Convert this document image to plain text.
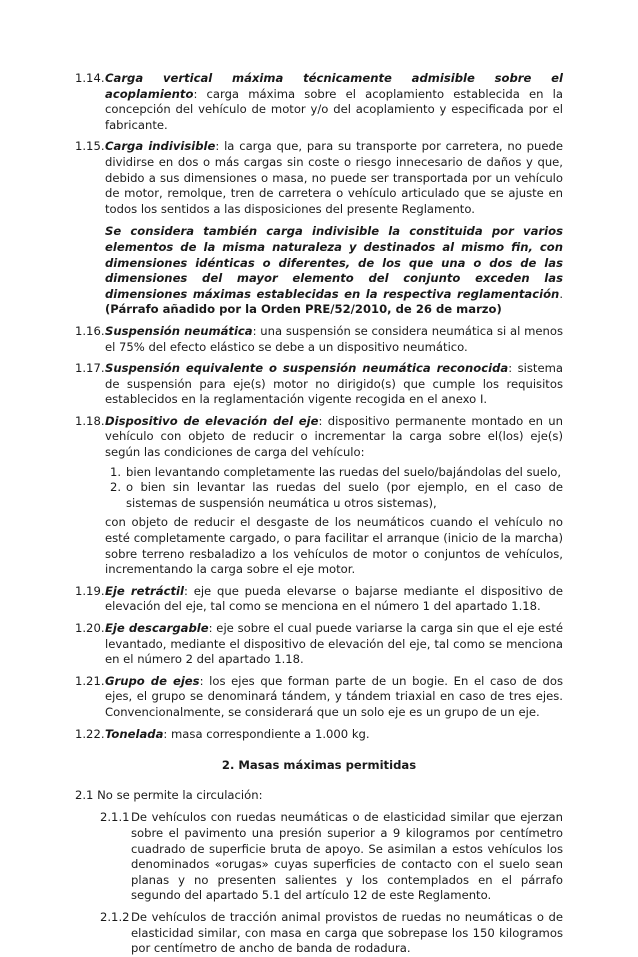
1.14. Carga vertical máxima técnicamente admisible sobre el acoplamiento: carga máxima sobre el acoplamiento establecida en la concepción del vehículo de motor y/o del acoplamiento y especificada por el fabricante.

1.15. Carga indivisible: la carga que, para su transporte por carretera, no puede dividirse en dos o más cargas sin coste o riesgo innecesario de daños y que, debido a sus dimensiones o masa, no puede ser transportada por un vehículo de motor, remolque, tren de carretera o vehículo articulado que se ajuste en todos los sentidos a las disposiciones del presente Reglamento.

Se considera también carga indivisible la constituida por varios elementos de la misma naturaleza y destinados al mismo fin, con dimensiones idénticas o diferentes, de los que una o dos de las dimensiones del mayor elemento del conjunto exceden las dimensiones máximas establecidas en la respectiva reglamentación. (Párrafo añadido por la Orden PRE/52/2010, de 26 de marzo)

1.16. Suspensión neumática: una suspensión se considera neumática si al menos el 75% del efecto elástico se debe a un dispositivo neumático.

1.17. Suspensión equivalente o suspensión neumática reconocida: sistema de suspensión para eje(s) motor no dirigido(s) que cumple los requisitos establecidos en la reglamentación vigente recogida en el anexo I.

1.18. Dispositivo de elevación del eje: dispositivo permanente montado en un vehículo con objeto de reducir o incrementar la carga sobre el(los) eje(s) según las condiciones de carga del vehículo:

1. bien levantando completamente las ruedas del suelo/bajándolas del suelo,
2. o bien sin levantar las ruedas del suelo (por ejemplo, en el caso de sistemas de suspensión neumática u otros sistemas),

con objeto de reducir el desgaste de los neumáticos cuando el vehículo no esté completamente cargado, o para facilitar el arranque (inicio de la marcha) sobre terreno resbaladizo a los vehículos de motor o conjuntos de vehículos, incrementando la carga sobre el eje motor.

1.19. Eje retráctil: eje que pueda elevarse o bajarse mediante el dispositivo de elevación del eje, tal como se menciona en el número 1 del apartado 1.18.

1.20. Eje descargable: eje sobre el cual puede variarse la carga sin que el eje esté levantado, mediante el dispositivo de elevación del eje, tal como se menciona en el número 2 del apartado 1.18.

1.21. Grupo de ejes: los ejes que forman parte de un bogie. En el caso de dos ejes, el grupo se denominará tándem, y tándem triaxial en caso de tres ejes. Convencionalmente, se considerará que un solo eje es un grupo de un eje.

1.22. Tonelada: masa correspondiente a 1.000 kg.

2. Masas máximas permitidas
2.1 No se permite la circulación:
2.1.1 De vehículos con ruedas neumáticas o de elasticidad similar que ejerzan sobre el pavimento una presión superior a 9 kilogramos por centímetro cuadrado de superficie bruta de apoyo. Se asimilan a estos vehículos los denominados «orugas» cuyas superficies de contacto con el suelo sean planas y no presenten salientes y los contemplados en el párrafo segundo del apartado 5.1 del artículo 12 de este Reglamento.

2.1.2 De vehículos de tracción animal provistos de ruedas no neumáticas o de elasticidad similar, con masa en carga que sobrepase los 150 kilogramos por centímetro de ancho de banda de rodadura.
